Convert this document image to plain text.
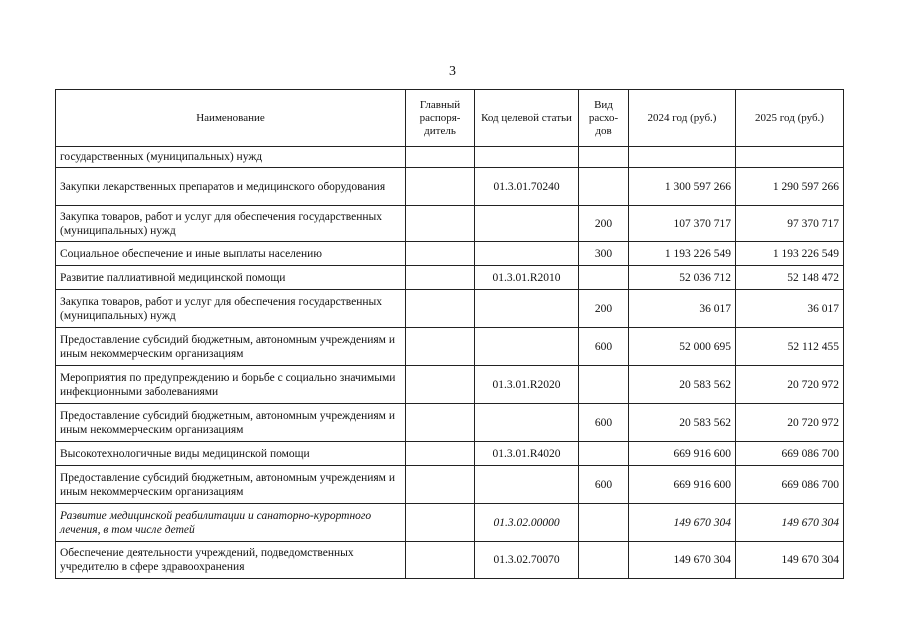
3
Наименование	Главный распоря-дитель	Код целевой статьи	Вид расхо-дов	2024 год (руб.)	2025 год (руб.)
государственных (муниципальных) нужд					
Закупки лекарственных препаратов и медицинского оборудования		01.3.01.70240		1 300 597 266	1 290 597 266
Закупка товаров, работ и услуг для обеспечения государственных (муниципальных) нужд			200	107 370 717	97 370 717
Социальное обеспечение и иные выплаты населению			300	1 193 226 549	1 193 226 549
Развитие паллиативной медицинской помощи		01.3.01.R2010		52 036 712	52 148 472
Закупка товаров, работ и услуг для обеспечения государственных (муниципальных) нужд			200	36 017	36 017
Предоставление субсидий бюджетным, автономным учреждениям и иным некоммерческим организациям			600	52 000 695	52 112 455
Мероприятия по предупреждению и борьбе с социально значимыми инфекционными заболеваниями		01.3.01.R2020		20 583 562	20 720 972
Предоставление субсидий бюджетным, автономным учреждениям и иным некоммерческим организациям			600	20 583 562	20 720 972
Высокотехнологичные виды медицинской помощи		01.3.01.R4020		669 916 600	669 086 700
Предоставление субсидий бюджетным, автономным учреждениям и иным некоммерческим организациям			600	669 916 600	669 086 700
Развитие медицинской реабилитации и санаторно-курортного лечения, в том числе детей		01.3.02.00000		149 670 304	149 670 304
Обеспечение деятельности учреждений, подведомственных учредителю в сфере здравоохранения		01.3.02.70070		149 670 304	149 670 304
